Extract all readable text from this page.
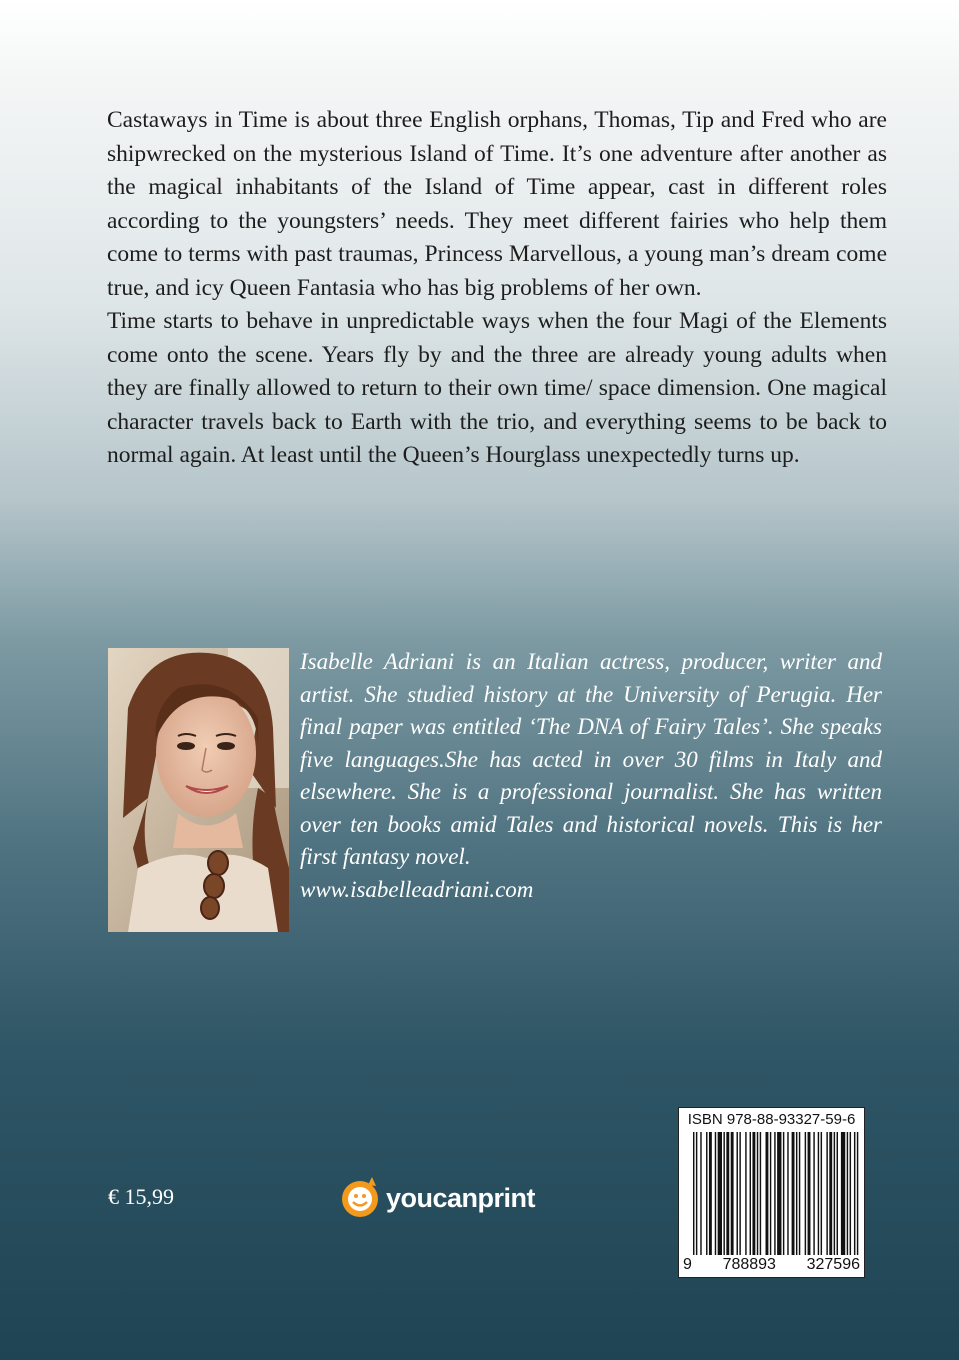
Castaways in Time is about three English orphans, Thomas, Tip and Fred who are shipwrecked on the mysterious Island of Time. It’s one adventure after another as the magical inhabitants of the Island of Time appear, cast in different roles according to the youngsters’ needs. They meet different fairies who help them come to terms with past traumas, Princess Marvellous, a young man’s dream come true, and icy Queen Fantasia who has big problems of her own.

Time starts to behave in unpredictable ways when the four Magi of the Elements come onto the scene. Years fly by and the three are already young adults when they are finally allowed to return to their own time/ space dimension. One magical character travels back to Earth with the trio, and everything seems to be back to normal again. At least until the Queen’s Hourglass unexpectedly turns up.

Isabelle Adriani is an Italian actress, producer, writer and artist. She studied history at the University of Perugia. Her final paper was entitled ‘The DNA of Fairy Tales’. She speaks five languages.She has acted in over 30 films in Italy and elsewhere. She is a professional journalist. She has written over ten books amid Tales and historical novels. This is her first fantasy novel.
www.isabelleadriani.com

€ 15,99	youcanprint
ISBN 978-88-93327-59-6
9 788893 327596
